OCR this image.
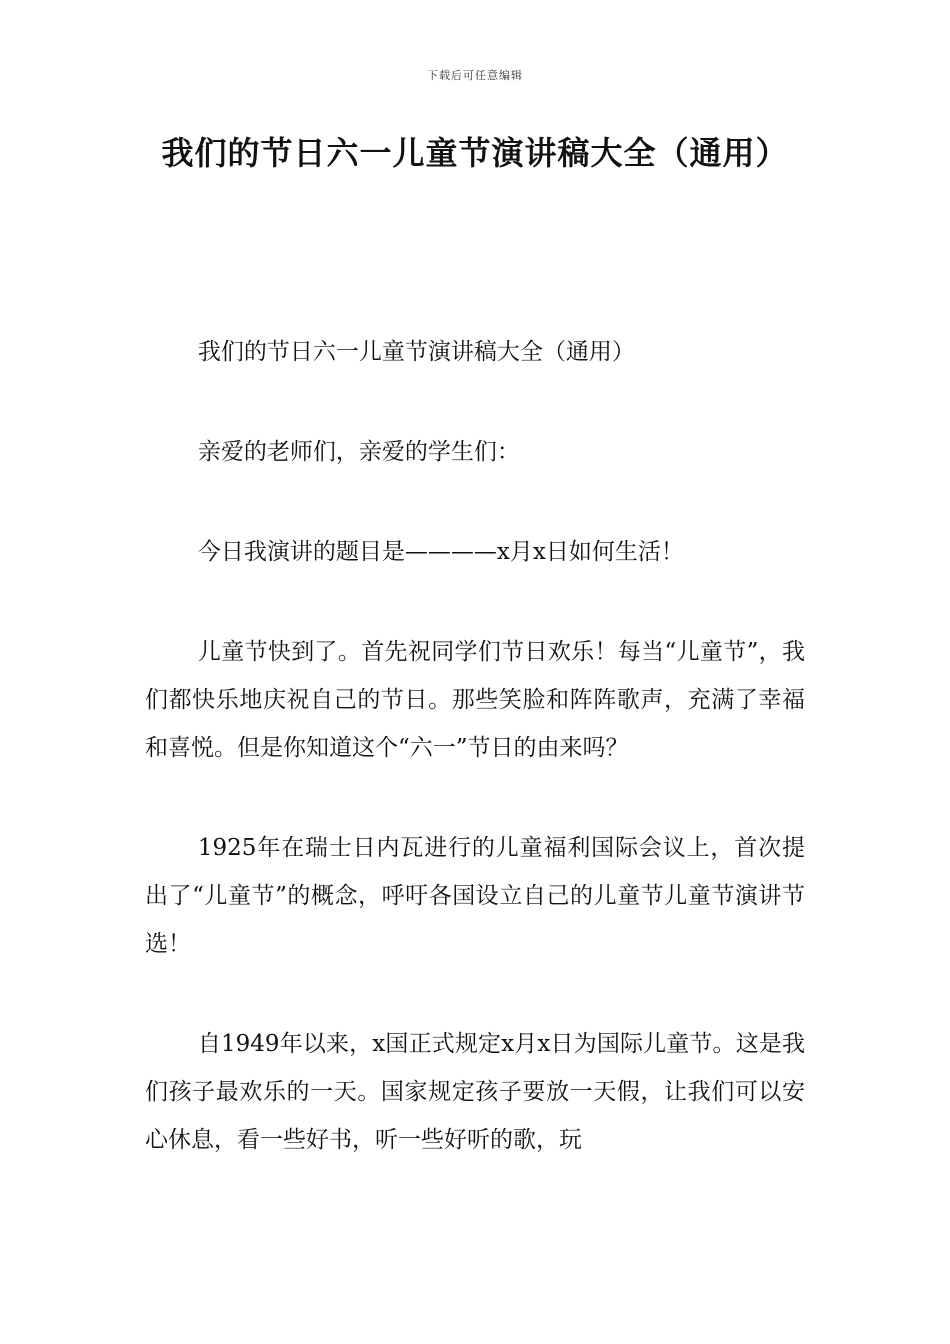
下载后可任意编辑
我们的节日六一儿童节演讲稿大全（通用）

我们的节日六一儿童节演讲稿大全（通用）

亲爱的老师们，亲爱的学生们：

今日我演讲的题目是————x月x日如何生活！

儿童节快到了。首先祝同学们节日欢乐！每当“儿童节”，我们都快乐地庆祝自己的节日。那些笑脸和阵阵歌声，充满了幸福和喜悦。但是你知道这个“六一”节日的由来吗？

1925年在瑞士日内瓦进行的儿童福利国际会议上，首次提出了“儿童节”的概念，呼吁各国设立自己的儿童节儿童节演讲节选！

自1949年以来，x国正式规定x月x日为国际儿童节。这是我们孩子最欢乐的一天。国家规定孩子要放一天假，让我们可以安心休息，看一些好书，听一些好听的歌，玩
